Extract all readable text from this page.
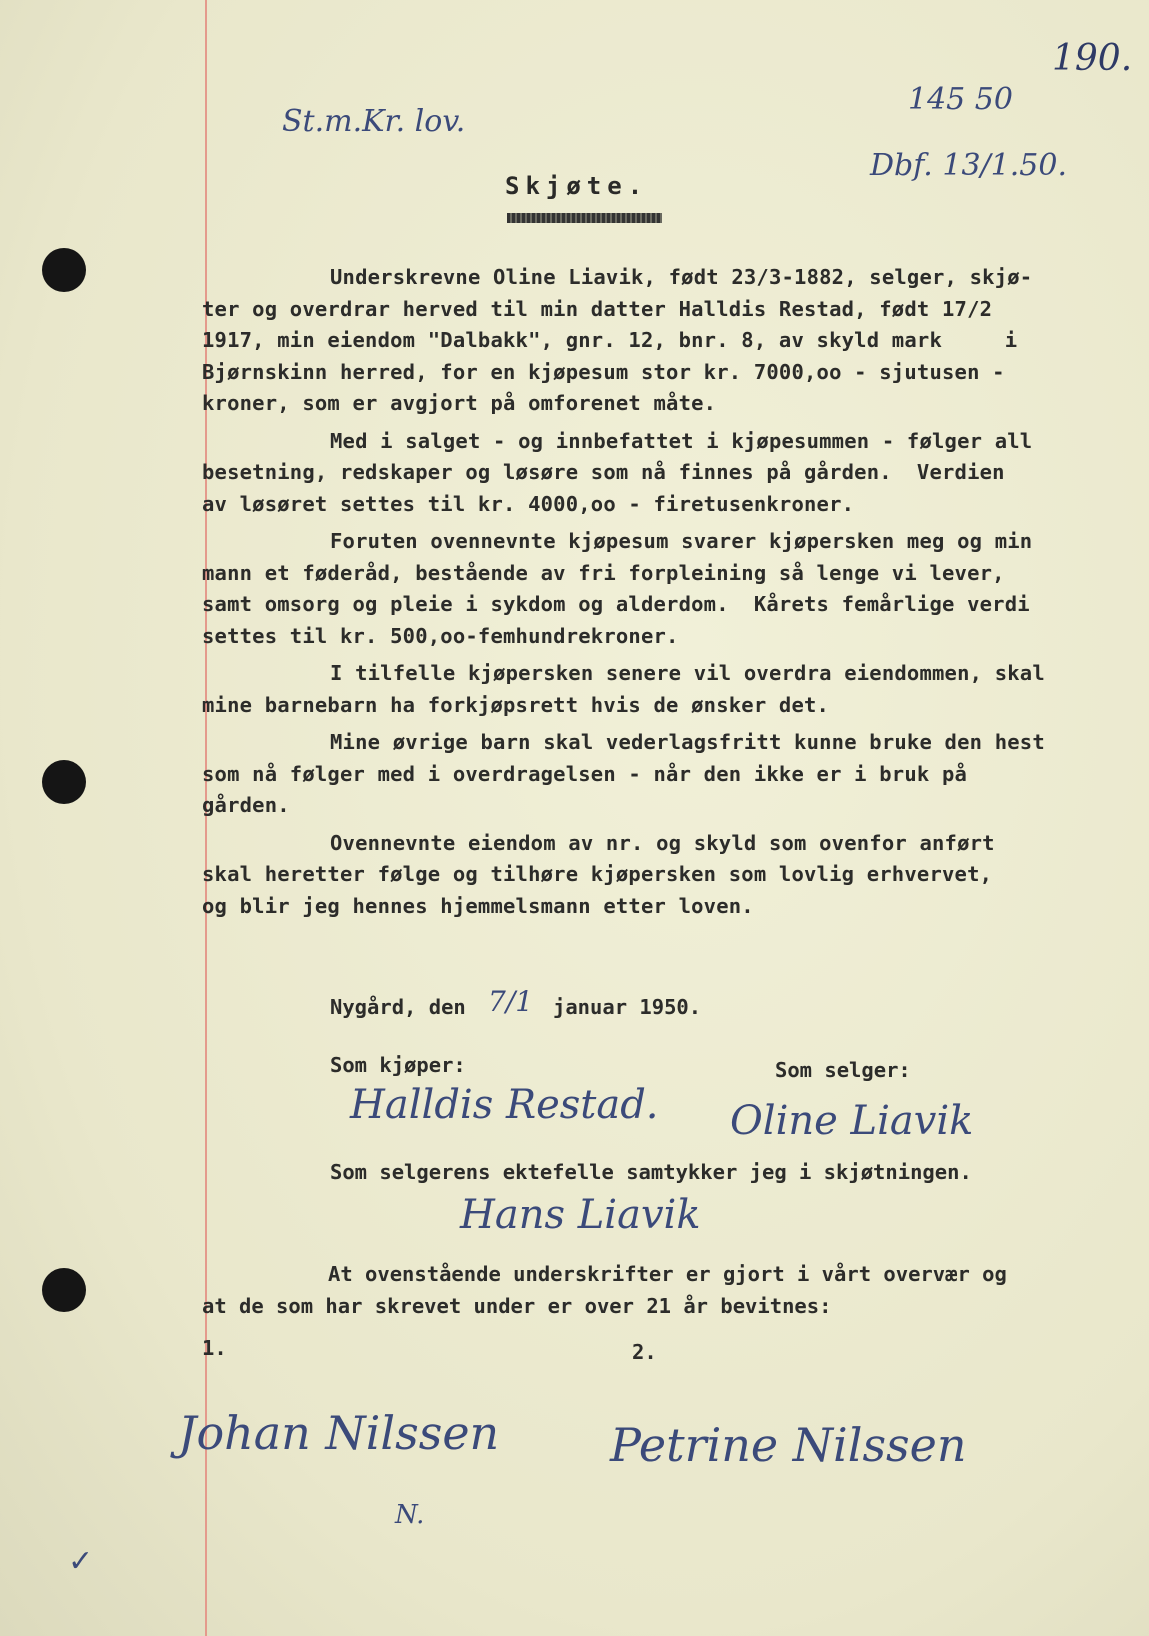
190.
St.m.Kr. lov.
145 50
Dbf. 13/1.50.
Skjøte.

Underskrevne Oline Liavik, født 23/3-1882, selger, skjø-
ter og overdrar herved til min datter Halldis Restad, født 17/2
1917, min eiendom "Dalbakk", gnr. 12, bnr. 8, av skyld mark     i
Bjørnskinn herred, for en kjøpesum stor kr. 7000,oo - sjutusen -
kroner, som er avgjort på omforenet måte.

Med i salget - og innbefattet i kjøpesummen - følger all
besetning, redskaper og løsøre som nå finnes på gården.  Verdien
av løsøret settes til kr. 4000,oo - firetusenkroner.

Foruten ovennevnte kjøpesum svarer kjøpersken meg og min
mann et føderåd, bestående av fri forpleining så lenge vi lever,
samt omsorg og pleie i sykdom og alderdom.  Kårets femårlige verdi
settes til kr. 500,oo-femhundrekroner.

I tilfelle kjøpersken senere vil overdra eiendommen, skal
mine barnebarn ha forkjøpsrett hvis de ønsker det.

Mine øvrige barn skal vederlagsfritt kunne bruke den hest
som nå følger med i overdragelsen - når den ikke er i bruk på
gården.

Ovennevnte eiendom av nr. og skyld som ovenfor anført
skal heretter følge og tilhøre kjøpersken som lovlig erhvervet,
og blir jeg hennes hjemmelsmann etter loven.

Nygård, den 7/1 januar 1950.
Som kjøper:	Som selger:
Halldis Restad. Oline Liavik
Som selgerens ektefelle samtykker jeg i skjøtningen.
Hans Liavik
At ovenstående underskrifter er gjort i vårt overvær og
at de som har skrevet under er over 21 år bevitnes:
1.	2.
Johan Nilssen Petrine Nilssen
N.
✓
